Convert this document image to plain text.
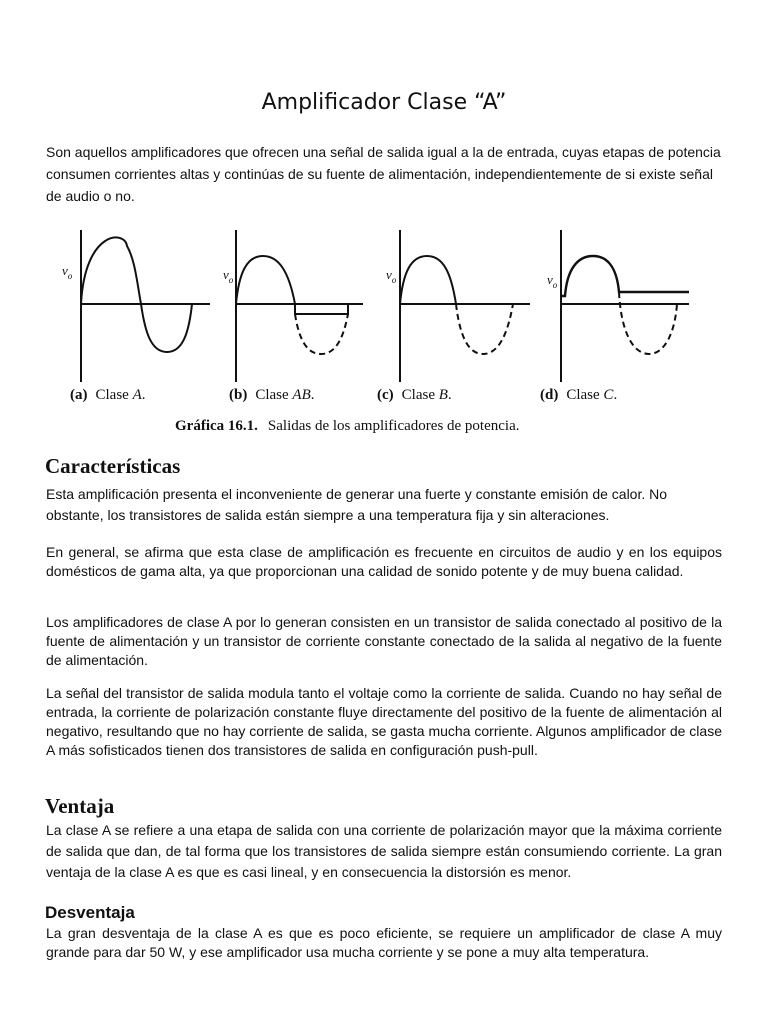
Amplificador Clase “A”

Son aquellos amplificadores que ofrecen una señal de salida igual a la de entrada, cuyas etapas de potencia consumen corrientes altas y continúas de su fuente de alimentación, independientemente de si existe señal de audio o no.

$v_o$	$v_o$	$v_o$	$v_o$
(a) Clase A.	(b) Clase AB.	(c) Clase B.	(d) Clase C.
Gráfica 16.1. Salidas de los amplificadores de potencia.
Características

Esta amplificación presenta el inconveniente de generar una fuerte y constante emisión de calor. No obstante, los transistores de salida están siempre a una temperatura fija y sin alteraciones.

En general, se afirma que esta clase de amplificación es frecuente en circuitos de audio y en los equipos domésticos de gama alta, ya que proporcionan una calidad de sonido potente y de muy buena calidad.

Los amplificadores de clase A por lo generan consisten en un transistor de salida conectado al positivo de la fuente de alimentación y un transistor de corriente constante conectado de la salida al negativo de la fuente de alimentación.

La señal del transistor de salida modula tanto el voltaje como la corriente de salida. Cuando no hay señal de entrada, la corriente de polarización constante fluye directamente del positivo de la fuente de alimentación al negativo, resultando que no hay corriente de salida, se gasta mucha corriente. Algunos amplificador de clase A más sofisticados tienen dos transistores de salida en configuración push-pull.

Ventaja

La clase A se refiere a una etapa de salida con una corriente de polarización mayor que la máxima corriente de salida que dan, de tal forma que los transistores de salida siempre están consumiendo corriente. La gran ventaja de la clase A es que es casi lineal, y en consecuencia la distorsión es menor.

Desventaja

La gran desventaja de la clase A es que es poco eficiente, se requiere un amplificador de clase A muy grande para dar 50 W, y ese amplificador usa mucha corriente y se pone a muy alta temperatura.
